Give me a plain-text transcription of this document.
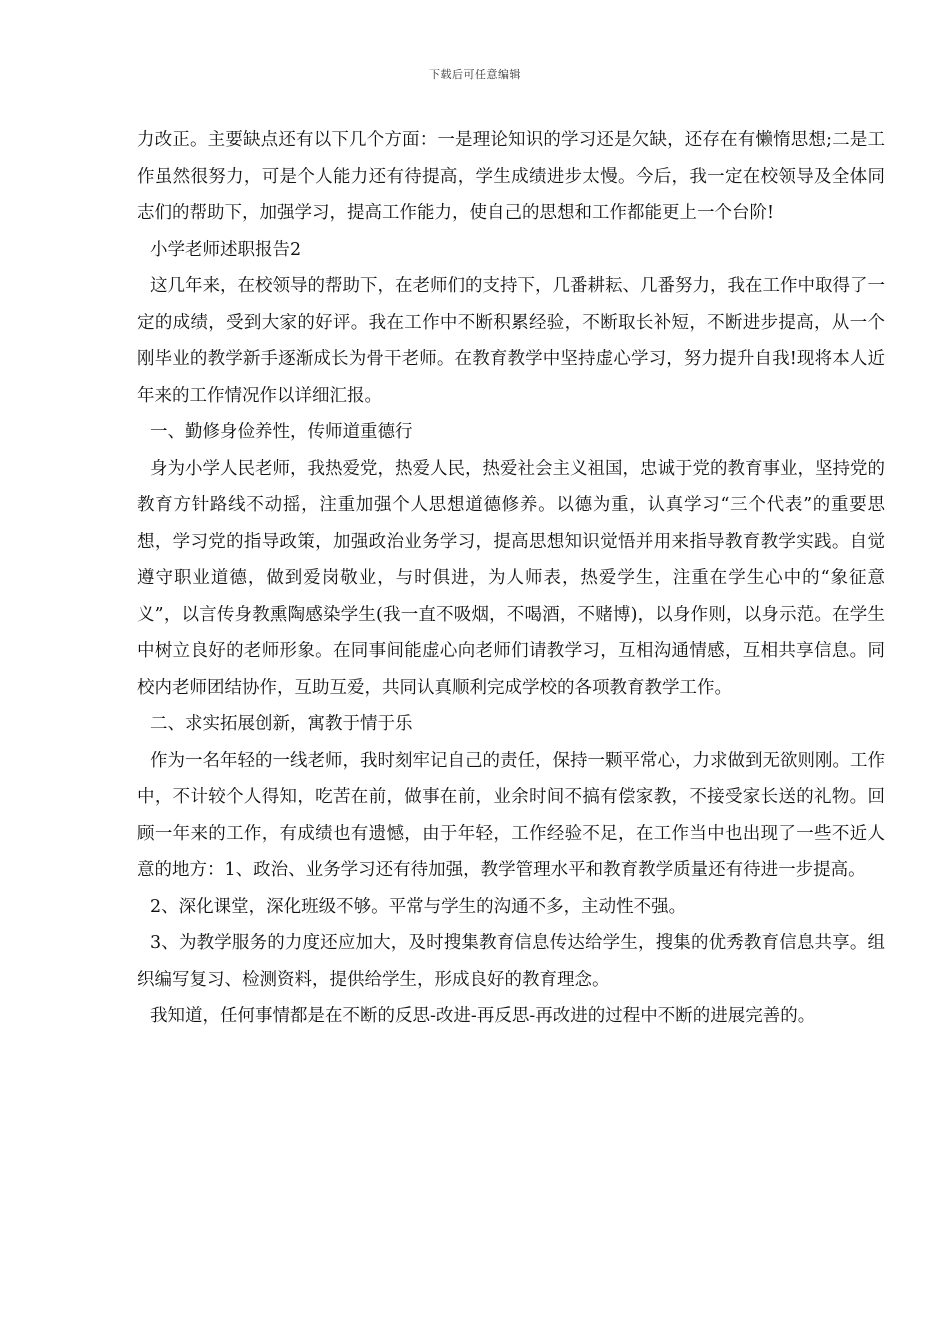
下载后可任意编辑

力改正。主要缺点还有以下几个方面：一是理论知识的学习还是欠缺，还存在有懒惰思想;二是工作虽然很努力，可是个人能力还有待提高，学生成绩进步太慢。今后，我一定在校领导及全体同志们的帮助下，加强学习，提高工作能力，使自己的思想和工作都能更上一个台阶!

小学老师述职报告2

这几年来，在校领导的帮助下，在老师们的支持下，几番耕耘、几番努力，我在工作中取得了一定的成绩，受到大家的好评。我在工作中不断积累经验，不断取长补短，不断进步提高，从一个刚毕业的教学新手逐渐成长为骨干老师。在教育教学中坚持虚心学习，努力提升自我!现将本人近年来的工作情况作以详细汇报。

一、勤修身俭养性，传师道重德行

身为小学人民老师，我热爱党，热爱人民，热爱社会主义祖国，忠诚于党的教育事业，坚持党的教育方针路线不动摇，注重加强个人思想道德修养。以德为重，认真学习“三个代表”的重要思想，学习党的指导政策，加强政治业务学习，提高思想知识觉悟并用来指导教育教学实践。自觉遵守职业道德，做到爱岗敬业，与时俱进，为人师表，热爱学生，注重在学生心中的“象征意义”，以言传身教熏陶感染学生(我一直不吸烟，不喝酒，不赌博)，以身作则，以身示范。在学生中树立良好的老师形象。在同事间能虚心向老师们请教学习，互相沟通情感，互相共享信息。同校内老师团结协作，互助互爱，共同认真顺利完成学校的各项教育教学工作。

二、求实拓展创新，寓教于情于乐

作为一名年轻的一线老师，我时刻牢记自己的责任，保持一颗平常心，力求做到无欲则刚。工作中，不计较个人得知，吃苦在前，做事在前，业余时间不搞有偿家教，不接受家长送的礼物。回顾一年来的工作，有成绩也有遗憾，由于年轻，工作经验不足，在工作当中也出现了一些不近人意的地方：1、政治、业务学习还有待加强，教学管理水平和教育教学质量还有待进一步提高。

2、深化课堂，深化班级不够。平常与学生的沟通不多，主动性不强。

3、为教学服务的力度还应加大，及时搜集教育信息传达给学生，搜集的优秀教育信息共享。组织编写复习、检测资料，提供给学生，形成良好的教育理念。

我知道，任何事情都是在不断的反思-改进-再反思-再改进的过程中不断的进展完善的。
